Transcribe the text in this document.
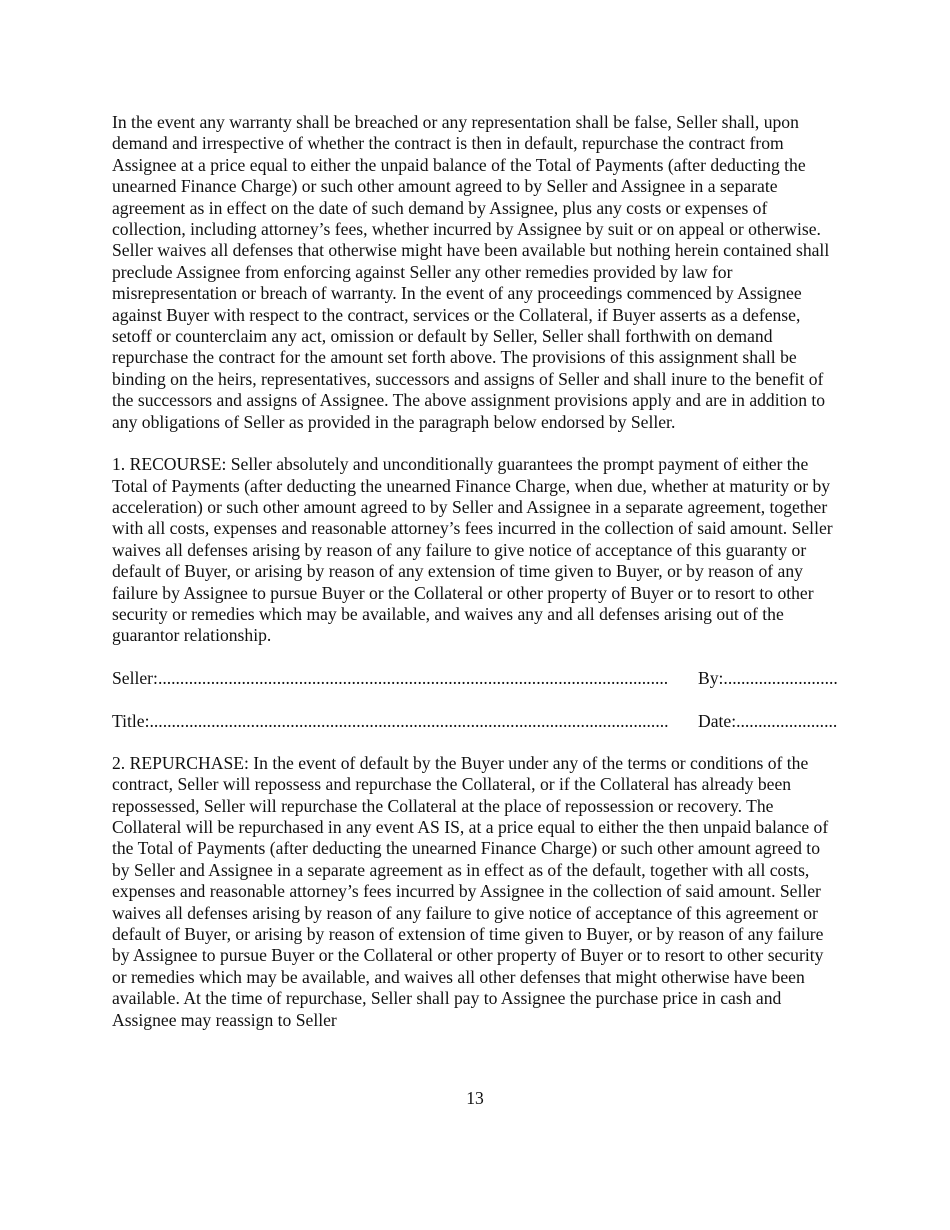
In the event any warranty shall be breached or any representation shall be false, Seller shall, upon demand and irrespective of whether the contract is then in default, repurchase the contract from Assignee at a price equal to either the unpaid balance of the Total of Payments (after deducting the unearned Finance Charge) or such other amount agreed to by Seller and Assignee in a separate agreement as in effect on the date of such demand by Assignee, plus any costs or expenses of collection, including attorney’s fees, whether incurred by Assignee by suit or on appeal or otherwise. Seller waives all defenses that otherwise might have been available but nothing herein contained shall preclude Assignee from enforcing against Seller any other remedies provided by law for misrepresentation or breach of warranty. In the event of any proceedings commenced by Assignee against Buyer with respect to the contract, services or the Collateral, if Buyer asserts as a defense, setoff or counterclaim any act, omission or default by Seller, Seller shall forthwith on demand repurchase the contract for the amount set forth above. The provisions of this assignment shall be binding on the heirs, representatives, successors and assigns of Seller and shall inure to the benefit of the successors and assigns of Assignee. The above assignment provisions apply and are in addition to any obligations of Seller as provided in the paragraph below endorsed by Seller.

1. RECOURSE: Seller absolutely and unconditionally guarantees the prompt payment of either the Total of Payments (after deducting the unearned Finance Charge, when due, whether at maturity or by acceleration) or such other amount agreed to by Seller and Assignee in a separate agreement, together with all costs, expenses and reasonable attorney’s fees incurred in the collection of said amount. Seller waives all defenses arising by reason of any failure to give notice of acceptance of this guaranty or default of Buyer, or arising by reason of any extension of time given to Buyer, or by reason of any failure by Assignee to pursue Buyer or the Collateral or other property of Buyer or to resort to other security or remedies which may be available, and waives any and all defenses arising out of the guarantor relationship.

Seller: .....	By:
.....
Title: .....	Date:
.....

2. REPURCHASE: In the event of default by the Buyer under any of the terms or conditions of the contract, Seller will repossess and repurchase the Collateral, or if the Collateral has already been repossessed, Seller will repurchase the Collateral at the place of repossession or recovery. The Collateral will be repurchased in any event AS IS, at a price equal to either the then unpaid balance of the Total of Payments (after deducting the unearned Finance Charge) or such other amount agreed to by Seller and Assignee in a separate agreement as in effect as of the default, together with all costs, expenses and reasonable attorney’s fees incurred by Assignee in the collection of said amount. Seller waives all defenses arising by reason of any failure to give notice of acceptance of this agreement or default of Buyer, or arising by reason of extension of time given to Buyer, or by reason of any failure by Assignee to pursue Buyer or the Collateral or other property of Buyer or to resort to other security or remedies which may be available, and waives all other defenses that might otherwise have been available. At the time of repurchase, Seller shall pay to Assignee the purchase price in cash and Assignee may reassign to Seller

13
